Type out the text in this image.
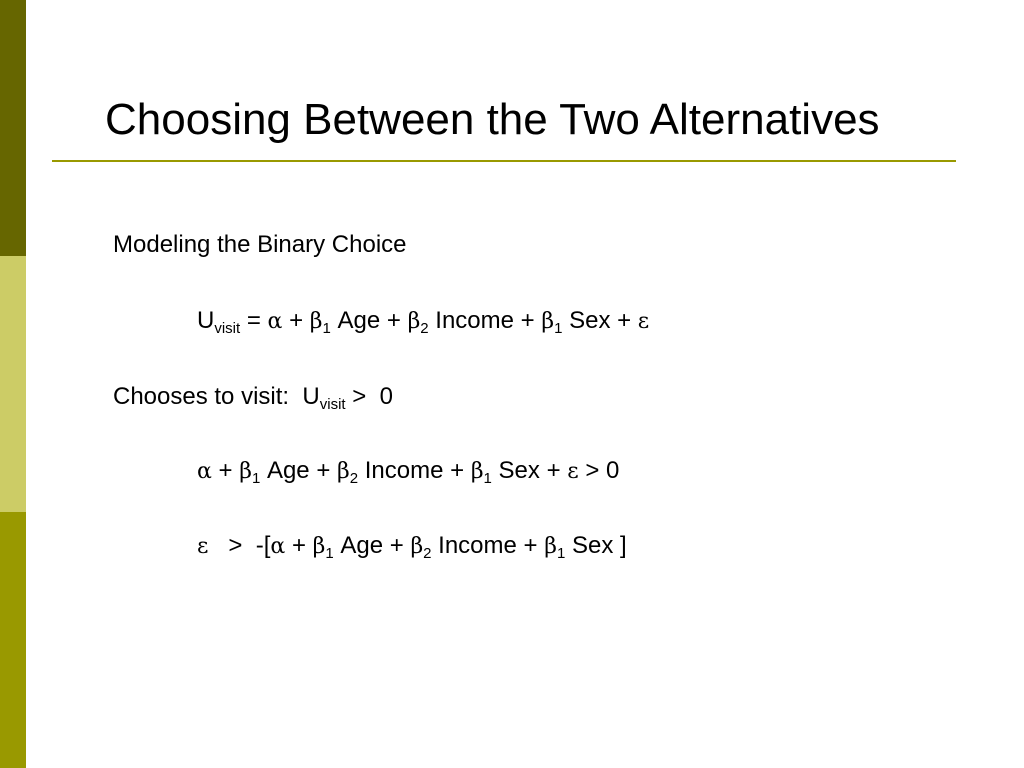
Choosing Between the Two Alternatives
Modeling the Binary Choice
$U_{visit} = \alpha + \beta_1$ Age + $\beta_2$ Income + $\beta_1$ Sex + ε
Chooses to visit:  $U_{visit} > 0$
$\alpha + \beta_1$ Age + $\beta_2$ Income + $\beta_1$ Sex + ε > 0
$\varepsilon > -[\alpha + \beta_1$ Age + $\beta_2$ Income + $\beta_1$ Sex ]
